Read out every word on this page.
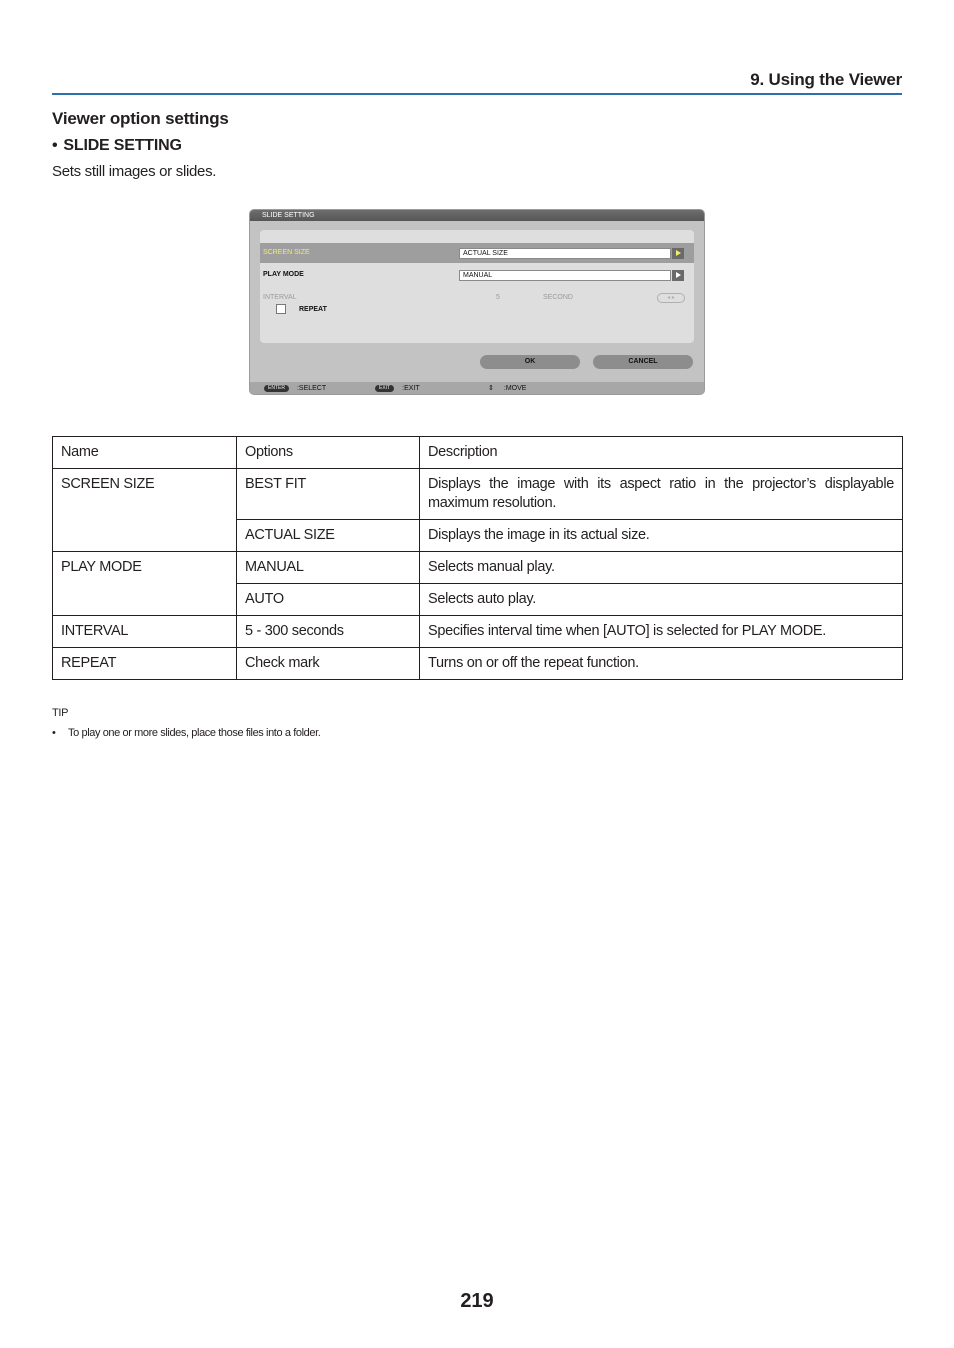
9. Using the Viewer
Viewer option settings
• SLIDE SETTING
Sets still images or slides.
SLIDE SETTING
SCREEN SIZE	ACTUAL SIZE
PLAY MODE	MANUAL
INTERVAL	5	SECOND	◂ ▸
REPEAT
OK	CANCEL
ENTER :SELECT	EXIT :EXIT	⇕ :MOVE
Name	Options	Description
SCREEN SIZE	BEST FIT	Displays the image with its aspect ratio in the projector’s displayable maximum resolution.
	ACTUAL SIZE	Displays the image in its actual size.
PLAY MODE	MANUAL	Selects manual play.
	AUTO	Selects auto play.
INTERVAL	5 - 300 seconds	Specifies interval time when [AUTO] is selected for PLAY MODE.
REPEAT	Check mark	Turns on or off the repeat function.
TIP
• To play one or more slides, place those files into a folder.
219
